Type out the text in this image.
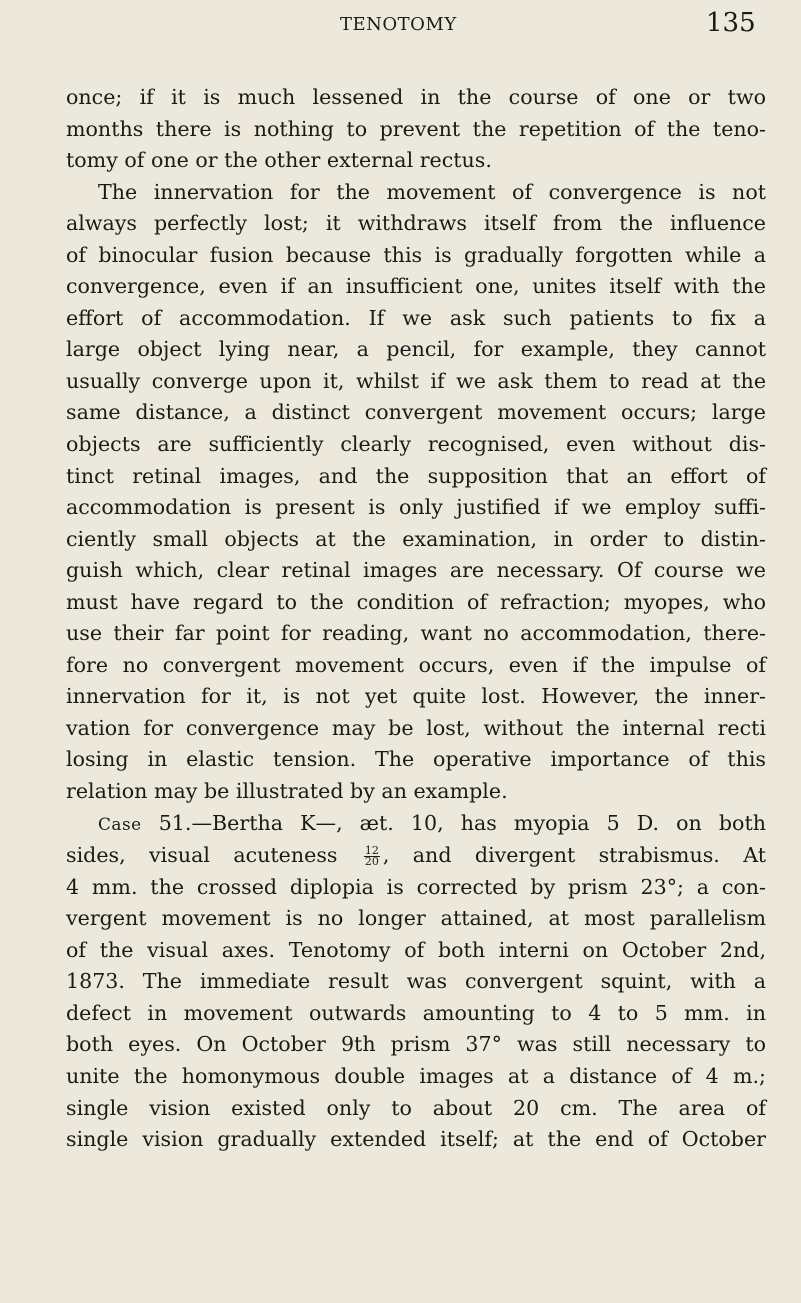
TENOTOMY	135
once; if it is much lessened in the course of one or two
months there is nothing to prevent the repetition of the teno-
tomy of one or the other external rectus.
The innervation for the movement of convergence is not
always perfectly lost; it withdraws itself from the influence
of binocular fusion because this is gradually forgotten while a
convergence, even if an insufficient one, unites itself with the
effort of accommodation. If we ask such patients to fix a
large object lying near, a pencil, for example, they cannot
usually converge upon it, whilst if we ask them to read at the
same distance, a distinct convergent movement occurs; large
objects are sufficiently clearly recognised, even without dis-
tinct retinal images, and the supposition that an effort of
accommodation is present is only justified if we employ suffi-
ciently small objects at the examination, in order to distin-
guish which, clear retinal images are necessary. Of course we
must have regard to the condition of refraction; myopes, who
use their far point for reading, want no accommodation, there-
fore no convergent movement occurs, even if the impulse of
innervation for it, is not yet quite lost. However, the inner-
vation for convergence may be lost, without the internal recti
losing in elastic tension. The operative importance of this
relation may be illustrated by an example.
Case 51.—Bertha K—, æt. 10, has myopia 5 D. on both
sides, visual acuteness $\frac{12}{20}$ , and divergent strabismus. At
4 mm. the crossed diplopia is corrected by prism 23°; a con-
vergent movement is no longer attained, at most parallelism
of the visual axes. Tenotomy of both interni on October 2nd,
1873. The immediate result was convergent squint, with a
defect in movement outwards amounting to 4 to 5 mm. in
both eyes. On October 9th prism 37° was still necessary to
unite the homonymous double images at a distance of 4 m.;
single vision existed only to about 20 cm. The area of
single vision gradually extended itself; at the end of October
